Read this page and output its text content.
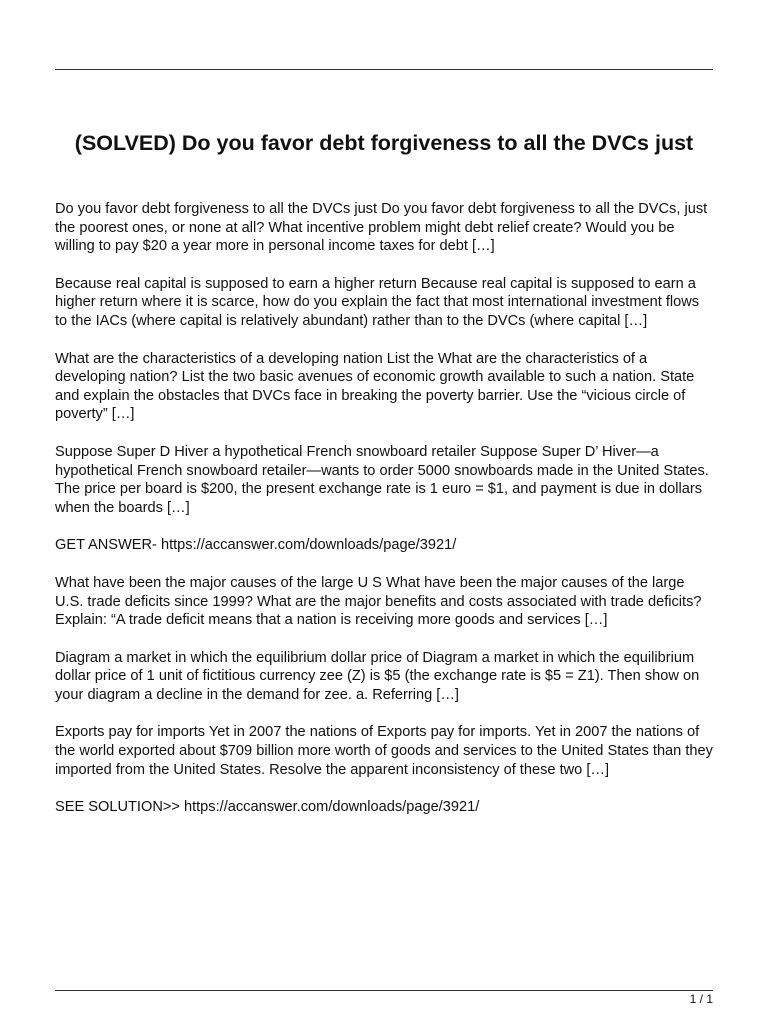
(SOLVED) Do you favor debt forgiveness to all the DVCs just

Do you favor debt forgiveness to all the DVCs just Do you favor debt forgiveness to all the DVCs, just the poorest ones, or none at all? What incentive problem might debt relief create? Would you be willing to pay $20 a year more in personal income taxes for debt […]

Because real capital is supposed to earn a higher return Because real capital is supposed to earn a higher return where it is scarce, how do you explain the fact that most international investment flows to the IACs (where capital is relatively abundant) rather than to the DVCs (where capital […]

What are the characteristics of a developing nation List the What are the characteristics of a developing nation? List the two basic avenues of economic growth available to such a nation. State and explain the obstacles that DVCs face in breaking the poverty barrier. Use the “vicious circle of poverty” […]

Suppose Super D Hiver a hypothetical French snowboard retailer Suppose Super D’ Hiver—a hypothetical French snowboard retailer—wants to order 5000 snowboards made in the United States. The price per board is $200, the present exchange rate is 1 euro = $1, and payment is due in dollars when the boards […]

GET ANSWER- https://accanswer.com/downloads/page/3921/

What have been the major causes of the large U S What have been the major causes of the large U.S. trade deficits since 1999? What are the major benefits and costs associated with trade deficits? Explain: “A trade deficit means that a nation is receiving more goods and services […]

Diagram a market in which the equilibrium dollar price of Diagram a market in which the equilibrium dollar price of 1 unit of fictitious currency zee (Z) is $5 (the exchange rate is $5 = Z1). Then show on your diagram a decline in the demand for zee. a. Referring […]

Exports pay for imports Yet in 2007 the nations of Exports pay for imports. Yet in 2007 the nations of the world exported about $709 billion more worth of goods and services to the United States than they imported from the United States. Resolve the apparent inconsistency of these two […]

SEE SOLUTION>> https://accanswer.com/downloads/page/3921/

1 / 1
